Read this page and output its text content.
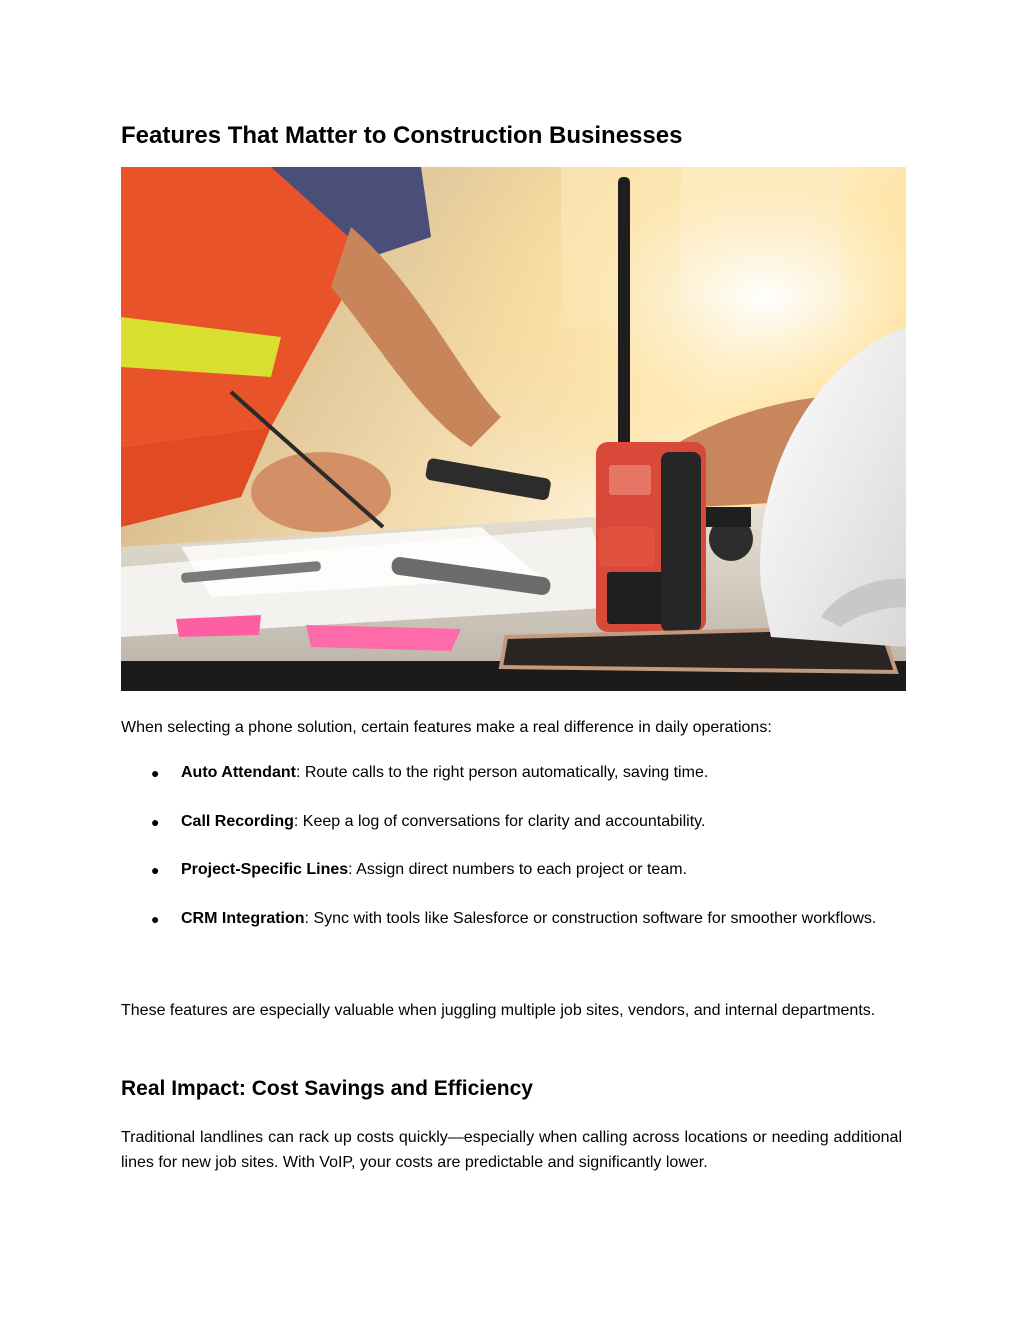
Features That Matter to Construction Businesses

When selecting a phone solution, certain features make a real difference in daily operations:

● Auto Attendant: Route calls to the right person automatically, saving time.
● Call Recording: Keep a log of conversations for clarity and accountability.
● Project-Specific Lines: Assign direct numbers to each project or team.
● CRM Integration: Sync with tools like Salesforce or construction software for smoother workflows.

These features are especially valuable when juggling multiple job sites, vendors, and internal departments.

Real Impact: Cost Savings and Efficiency

Traditional landlines can rack up costs quickly—especially when calling across locations or needing additional lines for new job sites. With VoIP, your costs are predictable and significantly lower.
